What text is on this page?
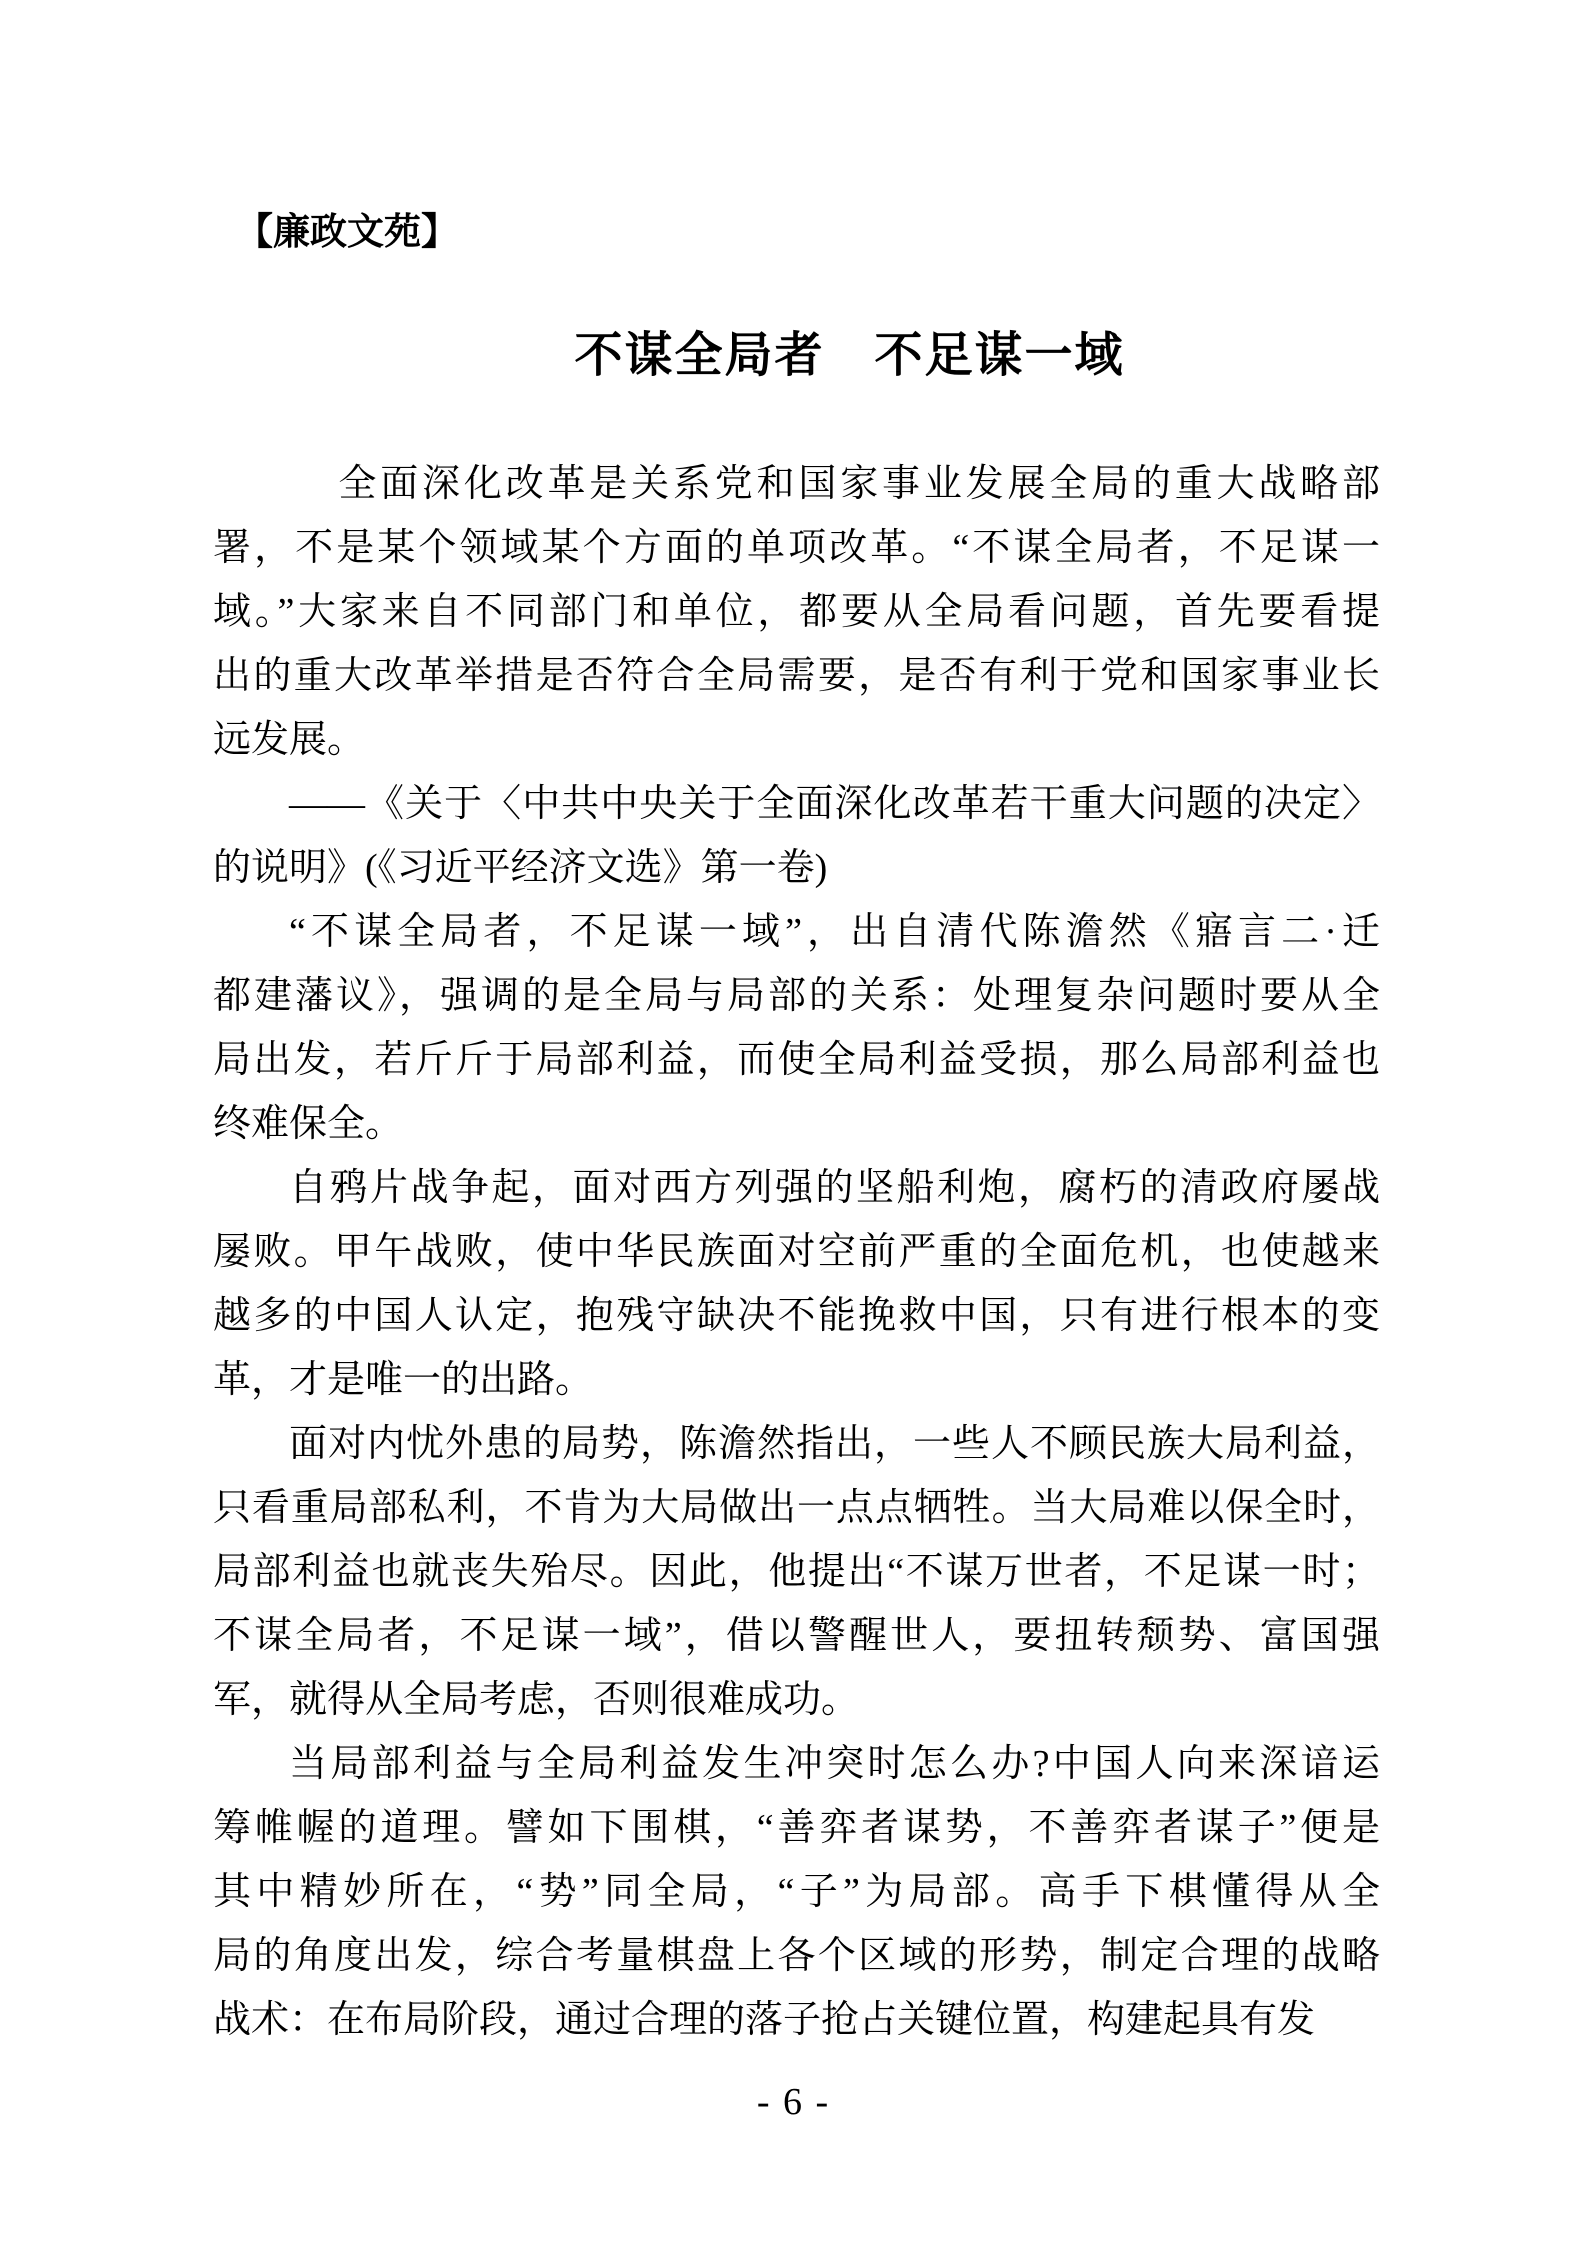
【廉政文苑】
不谋全局者　不足谋一域
全面深化改革是关系党和国家事业发展全局的重大战略部
署，不是某个领域某个方面的单项改革。“不谋全局者，不足谋一
域。”大家来自不同部门和单位，都要从全局看问题，首先要看提
出的重大改革举措是否符合全局需要，是否有利于党和国家事业长
远发展。
——《关于〈中共中央关于全面深化改革若干重大问题的决定〉
的说明》(《习近平经济文选》第一卷)
“不谋全局者，不足谋一域”，出自清代陈澹然《寤言二·迁
都建藩议》，强调的是全局与局部的关系：处理复杂问题时要从全
局出发，若斤斤于局部利益，而使全局利益受损，那么局部利益也
终难保全。
自鸦片战争起，面对西方列强的坚船利炮，腐朽的清政府屡战
屡败。甲午战败，使中华民族面对空前严重的全面危机，也使越来
越多的中国人认定，抱残守缺决不能挽救中国，只有进行根本的变
革，才是唯一的出路。
面对内忧外患的局势，陈澹然指出，一些人不顾民族大局利益，
只看重局部私利，不肯为大局做出一点点牺牲。当大局难以保全时，
局部利益也就丧失殆尽。因此，他提出“不谋万世者，不足谋一时；
不谋全局者，不足谋一域”，借以警醒世人，要扭转颓势、富国强
军，就得从全局考虑，否则很难成功。
当局部利益与全局利益发生冲突时怎么办?中国人向来深谙运
筹帷幄的道理。譬如下围棋，“善弈者谋势，不善弈者谋子”便是
其中精妙所在，“势”同全局，“子”为局部。高手下棋懂得从全
局的角度出发，综合考量棋盘上各个区域的形势，制定合理的战略
战术：在布局阶段，通过合理的落子抢占关键位置，构建起具有发
- 6 -
